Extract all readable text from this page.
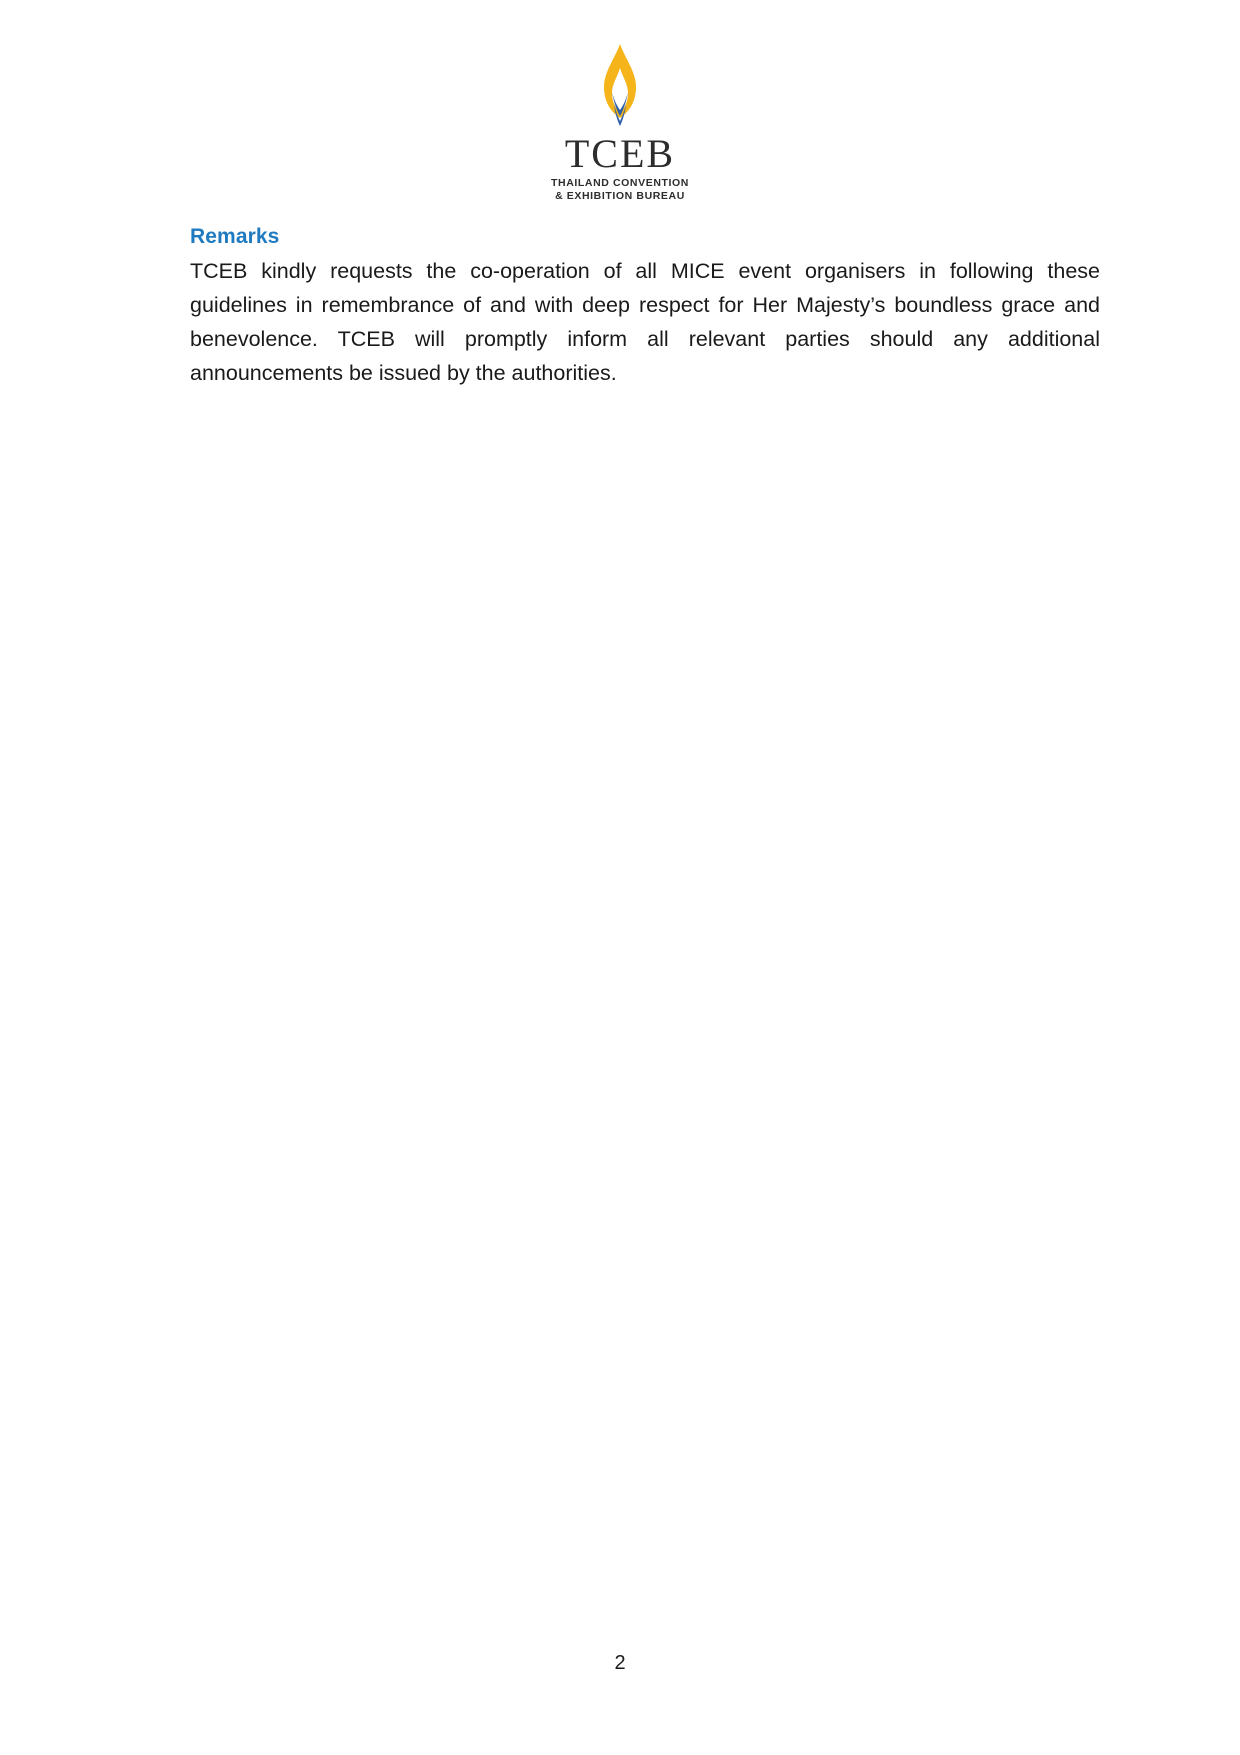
TCEB
THAILAND CONVENTION
& EXHIBITION BUREAU
Remarks

TCEB kindly requests the co-operation of all MICE event organisers in following these guidelines in remembrance of and with deep respect for Her Majesty’s boundless grace and benevolence. TCEB will promptly inform all relevant parties should any additional announcements be issued by the authorities.

2
